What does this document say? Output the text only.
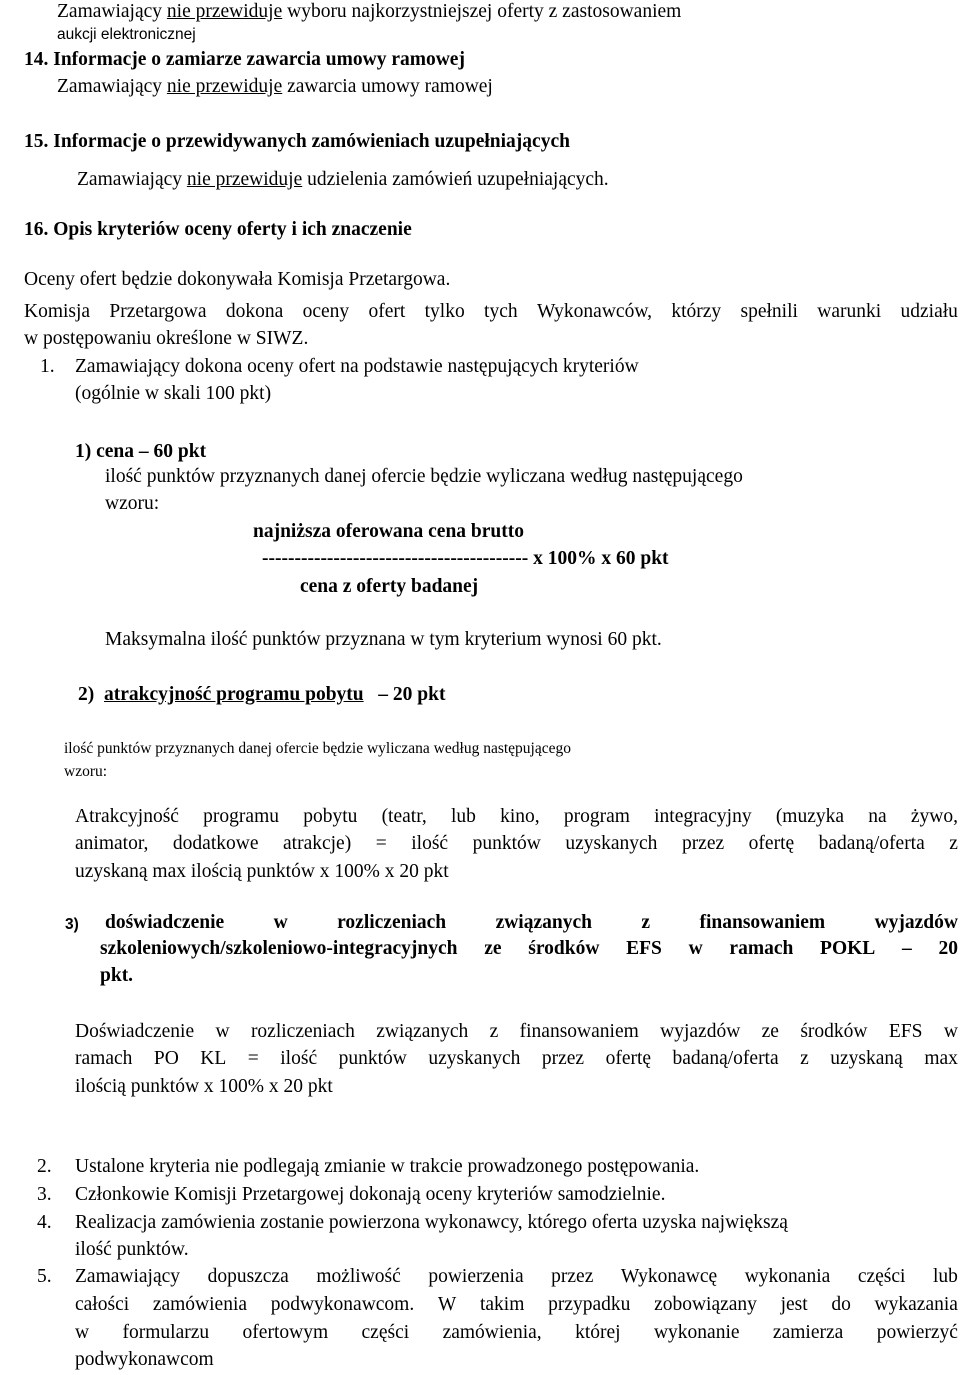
Zamawiający nie przewiduje wyboru najkorzystniejszej oferty z zastosowaniem
aukcji elektronicznej
14. Informacje o zamiarze zawarcia umowy ramowej
Zamawiający nie przewiduje zawarcia umowy ramowej
15. Informacje o przewidywanych zamówieniach uzupełniających
Zamawiający nie przewiduje udzielenia zamówień uzupełniających.
16. Opis kryteriów oceny oferty i ich znaczenie
Oceny ofert będzie dokonywała Komisja Przetargowa.
Komisja Przetargowa dokona oceny ofert tylko tych Wykonawców, którzy spełnili warunki udziału
w postępowaniu określone w SIWZ.
1. Zamawiający dokona oceny ofert na podstawie następujących kryteriów
(ogólnie w skali 100 pkt)
1) cena – 60 pkt
ilość punktów przyznanych danej ofercie będzie wyliczana według następującego
wzoru:
najniższa oferowana cena brutto
----------------------------------------- x 100% x 60 pkt
cena z oferty badanej
Maksymalna ilość punktów przyznana w tym kryterium wynosi 60 pkt.
2) atrakcyjność programu pobytu   – 20 pkt
ilość punktów przyznanych danej ofercie będzie wyliczana według następującego
wzoru:
Atrakcyjność programu pobytu (teatr, lub kino, program integracyjny (muzyka na żywo,
animator, dodatkowe atrakcje) = ilość punktów uzyskanych przez ofertę badaną/oferta z
uzyskaną max ilością punktów x 100% x 20 pkt
3) doświadczenie	w	rozliczeniach	związanych	z	finansowaniem	wyjazdów
szkoleniowych/szkoleniowo-integracyjnych ze środków EFS w ramach POKL – 20
pkt.
Doświadczenie w rozliczeniach związanych z finansowaniem wyjazdów ze środków EFS w
ramach PO KL = ilość punktów uzyskanych przez ofertę badaną/oferta z uzyskaną max
ilością punktów x 100% x 20 pkt
2. Ustalone kryteria nie podlegają zmianie w trakcie prowadzonego postępowania.
3. Członkowie Komisji Przetargowej dokonają oceny kryteriów samodzielnie.
4. Realizacja zamówienia zostanie powierzona wykonawcy, którego oferta uzyska największą
ilość punktów.
5. Zamawiający dopuszcza możliwość powierzenia przez Wykonawcę wykonania części lub
całości zamówienia podwykonawcom. W takim przypadku zobowiązany jest do wykazania
w formularzu ofertowym części zamówienia, której wykonanie zamierza powierzyć
podwykonawcom
